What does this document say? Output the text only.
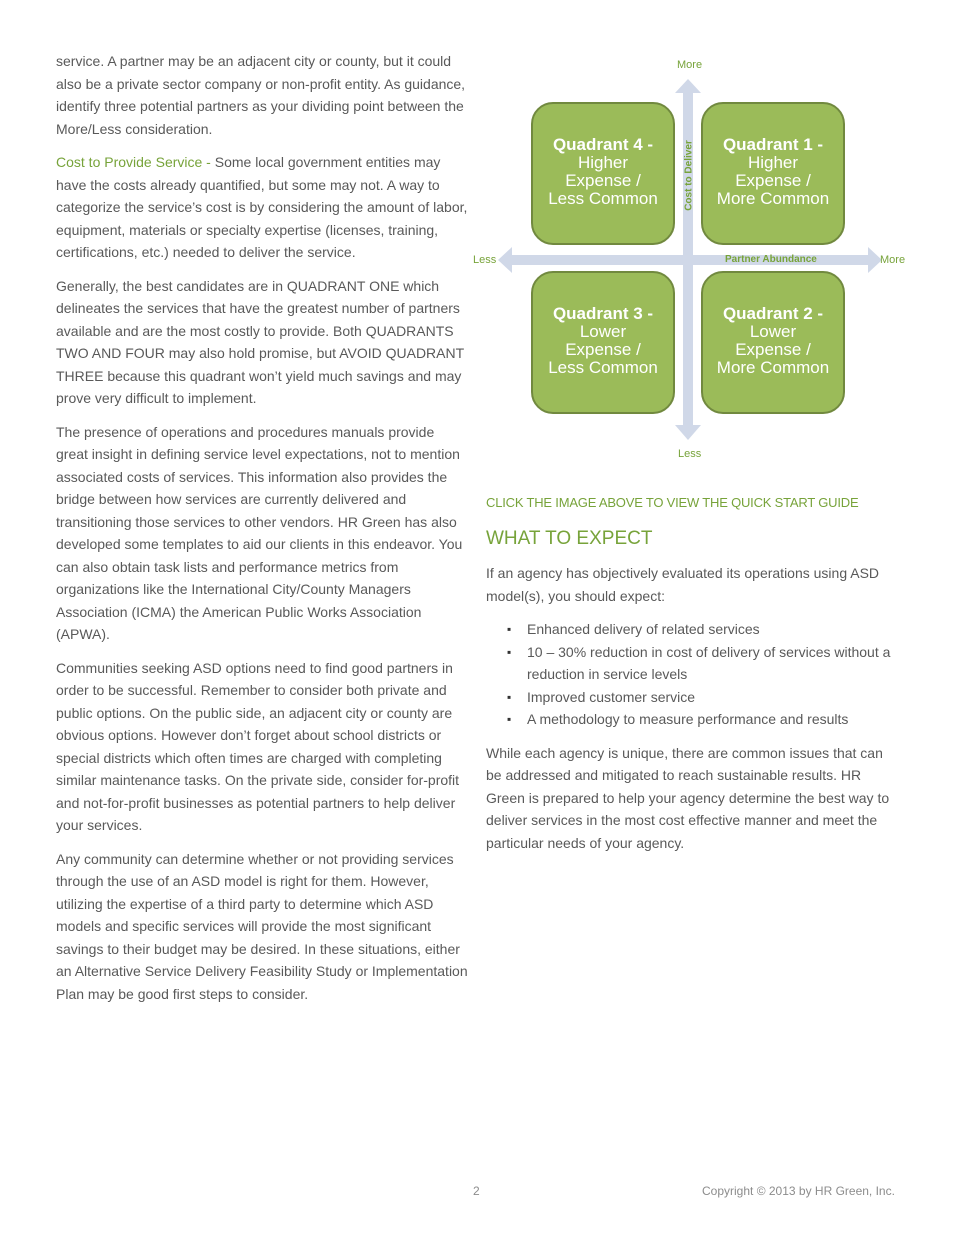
service. A partner may be an adjacent city or county, but it could also be a private sector company or non-profit entity. As guidance, identify three potential partners as your dividing point between the More/Less consideration.

Cost to Provide Service - Some local government entities may have the costs already quantified, but some may not. A way to categorize the service’s cost is by considering the amount of labor, equipment, materials or specialty expertise (licenses, training, certifications, etc.) needed to deliver the service.

Generally, the best candidates are in QUADRANT ONE which delineates the services that have the greatest number of partners available and are the most costly to provide. Both QUADRANTS TWO AND FOUR may also hold promise, but AVOID QUADRANT THREE because this quadrant won’t yield much savings and may prove very difficult to implement.

The presence of operations and procedures manuals provide great insight in defining service level expectations, not to mention associated costs of services. This information also provides the bridge between how services are currently delivered and transitioning those services to other vendors. HR Green has also developed some templates to aid our clients in this endeavor. You can also obtain task lists and performance metrics from organizations like the International City/County Managers Association (ICMA) the American Public Works Association (APWA).

Communities seeking ASD options need to find good partners in order to be successful. Remember to consider both private and public options. On the public side, an adjacent city or county are obvious options. However don’t forget about school districts or special districts which often times are charged with completing similar maintenance tasks. On the private side, consider for-profit and not-for-profit businesses as potential partners to help deliver your services.

Any community can determine whether or not providing services through the use of an ASD model is right for them. However, utilizing the expertise of a third party to determine which ASD models and specific services will provide the most significant savings to their budget may be desired. In these situations, either an Alternative Service Delivery Feasibility Study or Implementation Plan may be good first steps to consider.

More
Less
Less	More
Partner Abundance
Cost to Deliver
Quadrant 4 -
Higher
Expense /
Less Common
Quadrant 1 -
Higher
Expense /
More Common
Quadrant 3 -
Lower
Expense /
Less Common
Quadrant 2 -
Lower
Expense /
More Common
CLICK THE IMAGE ABOVE TO VIEW THE QUICK START GUIDE
WHAT TO EXPECT

If an agency has objectively evaluated its operations using ASD model(s), you should expect:

▪ Enhanced delivery of related services
▪ 10 – 30% reduction in cost of delivery of services without a reduction in service levels
▪ Improved customer service
▪ A methodology to measure performance and results

While each agency is unique, there are common issues that can be addressed and mitigated to reach sustainable results. HR Green is prepared to help your agency determine the best way to deliver services in the most cost effective manner and meet the particular needs of your agency.

2	Copyright © 2013 by HR Green, Inc.
